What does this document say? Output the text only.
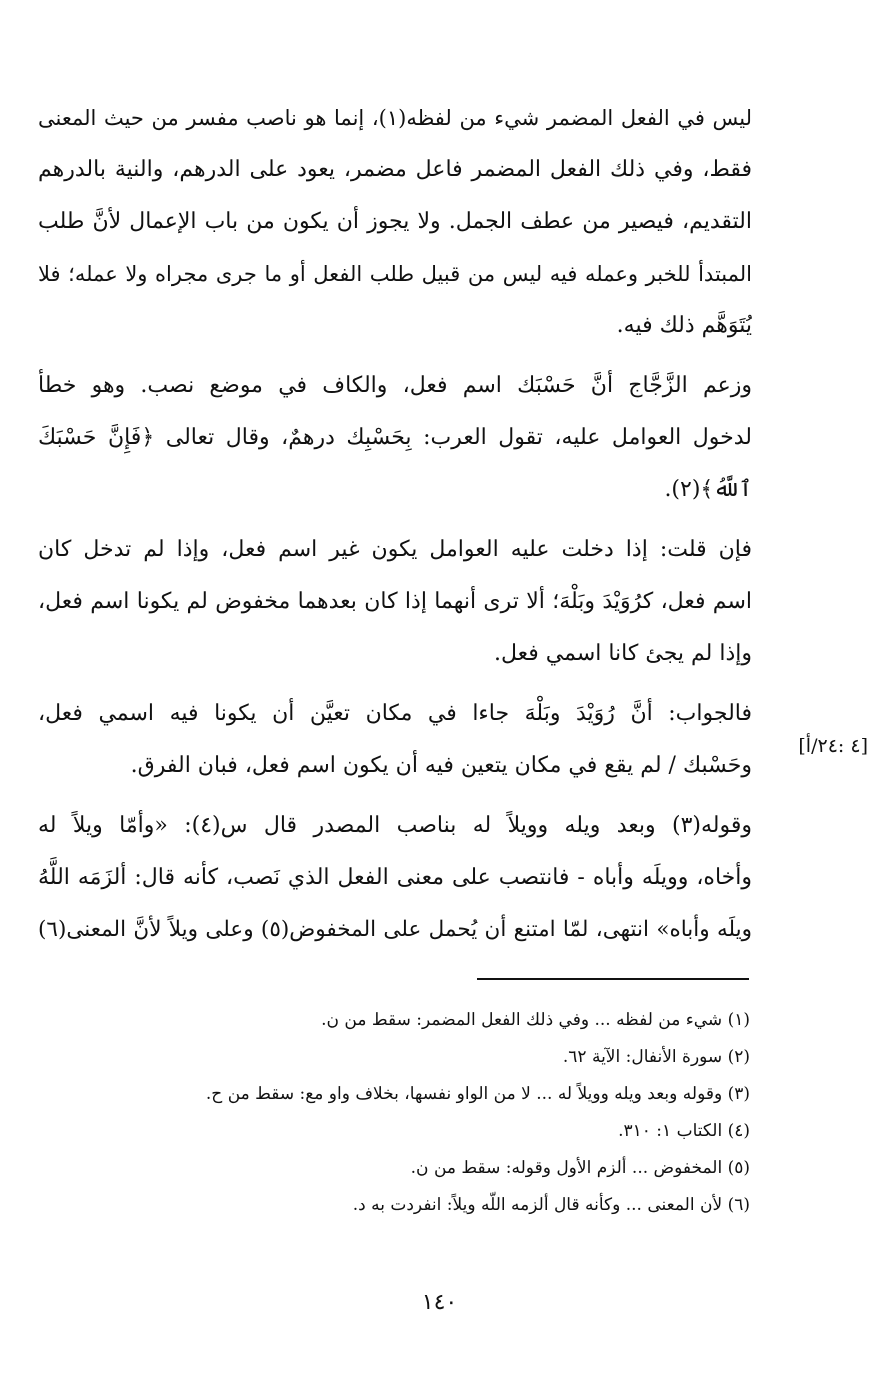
ليس في الفعل المضمر شيء من لفظه(١)، إنما هو ناصب مفسر من حيث المعنى
فقط، وفي ذلك الفعل المضمر فاعل مضمر، يعود على الدرهم، والنية بالدرهم
التقديم، فيصير من عطف الجمل. ولا يجوز أن يكون من باب الإعمال لأنَّ طلب
المبتدأ للخبر وعمله فيه ليس من قبيل طلب الفعل أو ما جرى مجراه ولا عمله؛ فلا
يُتَوَهَّم ذلك فيه.
وزعم الزَّجَّاج أنَّ حَسْبَك اسم فعل، والكاف في موضع نصب. وهو خطأ
لدخول العوامل عليه، تقول العرب: بِحَسْبِك درهمٌ، وقال تعالى ﴿فَإِنَّ حَسْبَكَ
ٱللَّهُ﴾(٢).
فإن قلت: إذا دخلت عليه العوامل يكون غير اسم فعل، وإذا لم تدخل كان
اسم فعل، كرُوَيْدَ وبَلْهَ؛ ألا ترى أنهما إذا كان بعدهما مخفوض لم يكونا اسم فعل،
وإذا لم يجئ كانا اسمي فعل.
فالجواب: أنَّ رُوَيْدَ وبَلْهَ جاءا في مكان تعيَّن أن يكونا فيه اسمي فعل،
وحَسْبك / لم يقع في مكان يتعين فيه أن يكون اسم فعل، فبان الفرق.
وقوله(٣) وبعد ويله وويلاً له بناصب المصدر قال س(٤): «وأمّا ويلاً له
وأخاه، وويلَه وأباه - فانتصب على معنى الفعل الذي نَصب، كأنه قال: ألزَمَه اللَّهُ
ويلَه وأباه» انتهى، لمّا امتنع أن يُحمل على المخفوض(٥) وعلى ويلاً لأنَّ المعنى(٦)
[٤ :٢٤/أ]
(١) شيء من لفظه ... وفي ذلك الفعل المضمر: سقط من ن.
(٢) سورة الأنفال: الآية ٦٢.
(٣) وقوله وبعد ويله وويلاً له ... لا من الواو نفسها، بخلاف واو مع: سقط من ح.
(٤) الكتاب ١: ٣١٠.
(٥) المخفوض ... ألزم الأول وقوله: سقط من ن.
(٦) لأن المعنى ... وكأنه قال ألزمه اللّه ويلاً: انفردت به د.
١٤٠
